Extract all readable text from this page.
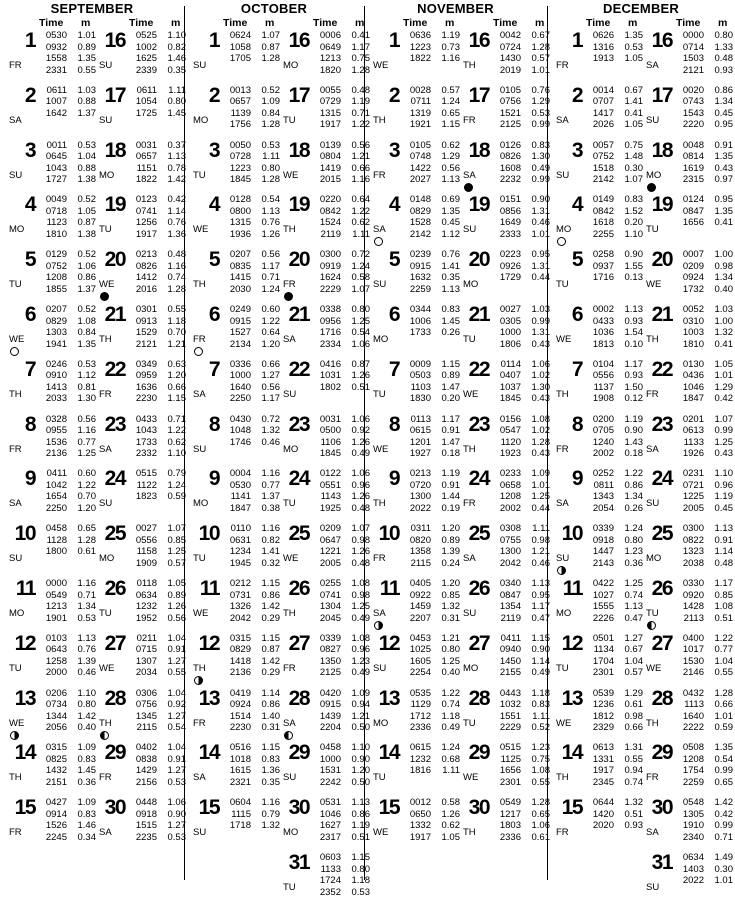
SEPTEMBER	OCTOBER	NOVEMBER	DECEMBER
Time m	Time m	Time m	Time m	Time m	Time m	Time m	Time m
1
FR
0530 1.01
0932 0.89
1558 1.35
2331 0.55
2
SA
0611 1.03
1007 0.88
1642 1.37
3
SU
0011 0.53
0645 1.04
1043 0.88
1727 1.38
4
MO
0049 0.52
0718 1.05
1123 0.87
1810 1.38
5
TU
0129 0.52
0752 1.06
1208 0.86
1855 1.37
6
WE
0207 0.52
0829 1.08
1303 0.84
1941 1.35
7
TH
0246 0.53
0910 1.12
1413 0.81
2033 1.30
8
FR
0328 0.56
0955 1.16
1536 0.77
2136 1.25
9
SA
0411 0.60
1042 1.22
1654 0.70
2250 1.20
10
SU
0458 0.65
1128 1.28
1800 0.61
11
MO
0000 1.16
0549 0.71
1213 1.34
1901 0.53
12
TU
0103 1.13
0643 0.76
1258 1.39
2000 0.46
13
WE
0206 1.10
0734 0.80
1344 1.42
2056 0.40
14
TH
0315 1.09
0825 0.83
1432 1.45
2151 0.36
15
FR
0427 1.09
0914 0.83
1526 1.46
2245 0.34
16
SU
0525 1.10
1002 0.82
1625 1.46
2339 0.35
17
SU
0611 1.11
1054 0.80
1725 1.45
18
MO
0031 0.37
0657 1.13
1151 0.78
1822 1.42
19
TU
0123 0.42
0741 1.14
1256 0.76
1917 1.36
20
WE
0213 0.48
0826 1.16
1412 0.74
2016 1.28
21
TH
0301 0.55
0913 1.18
1529 0.70
2121 1.21
22
FR
0349 0.63
0959 1.20
1636 0.66
2230 1.15
23
SA
0433 0.71
1043 1.22
1733 0.62
2332 1.10
24
SU
0515 0.79
1122 1.24
1823 0.59
25
MO
0027 1.07
0556 0.85
1158 1.25
1909 0.57
26
TU
0118 1.05
0634 0.89
1232 1.26
1952 0.56
27
WE
0211 1.04
0715 0.91
1307 1.27
2034 0.55
28
TH
0306 1.04
0756 0.92
1345 1.27
2115 0.54
29
FR
0402 1.04
0838 0.91
1429 1.27
2156 0.53
30
SA
0448 1.06
0918 0.90
1515 1.27
2235 0.53
1
SU
0624 1.07
1058 0.87
1705 1.28
2
MO
0013 0.52
0657 1.09
1139 0.84
1756 1.28
3
TU
0050 0.53
0728 1.11
1223 0.80
1845 1.28
4
WE
0128 0.54
0800 1.13
1315 0.76
1936 1.26
5
TH
0207 0.56
0835 1.17
1415 0.71
2030 1.24
6
FR
0249 0.60
0915 1.22
1527 0.64
2134 1.20
7
SA
0336 0.66
1000 1.27
1640 0.56
2250 1.17
8
SU
0430 0.72
1048 1.32
1746 0.46
9
MO
0004 1.16
0530 0.77
1141 1.37
1847 0.38
10
TU
0110 1.16
0631 0.82
1234 1.41
1945 0.32
11
WE
0212 1.15
0731 0.86
1326 1.42
2042 0.29
12
TH
0315 1.15
0829 0.87
1418 1.42
2136 0.29
13
FR
0419 1.14
0924 0.86
1514 1.40
2230 0.31
14
SA
0516 1.15
1018 0.83
1615 1.36
2321 0.35
15
SU
0604 1.16
1115 0.79
1718 1.32
16
MO
0006 0.41
0649 1.17
1213 0.75
1820 1.28
17
TU
0055 0.48
0729 1.19
1315 0.71
1917 1.22
18
WE
0139 0.56
0804 1.21
1419 0.66
2015 1.16
19
TH
0220 0.64
0842 1.22
1524 0.62
2119 1.11
20
FR
0300 0.72
0919 1.24
1624 0.58
2229 1.07
21
SA
0338 0.80
0956 1.25
1716 0.54
2334 1.06
22
SU
0416 0.87
1031 1.26
1802 0.51
23
MO
0031 1.06
0500 0.92
1106 1.26
1845 0.49
24
TU
0122 1.06
0551 0.96
1143 1.26
1925 0.48
25
WE
0209 1.07
0647 0.98
1221 1.26
2005 0.48
26
TH
0255 1.08
0741 0.98
1304 1.25
2045 0.49
27
FR
0339 1.08
0827 0.96
1350 1.23
2125 0.49
28
SA
0420 1.09
0915 0.94
1439 1.21
2204 0.50
29
SU
0458 1.10
1000 0.90
1531 1.20
2242 0.50
30
MO
0531 1.13
1046 0.86
1627 1.19
2317 0.51
31
TU
0603 1.15
1133 0.80
1724 1.18
2352 0.53
1
WE
0636 1.19
1223 0.73
1822 1.16
2
TH
0028 0.57
0711 1.24
1319 0.65
1921 1.15
3
FR
0105 0.62
0748 1.29
1422 0.56
2027 1.13
4
SA
0148 0.69
0829 1.35
1528 0.45
2142 1.12
5
SU
0239 0.76
0915 1.41
1632 0.35
2259 1.13
6
MO
0344 0.83
1006 1.45
1733 0.26
7
TU
0009 1.15
0503 0.89
1103 1.47
1830 0.20
8
WE
0113 1.17
0615 0.91
1201 1.47
1927 0.18
9
TH
0213 1.19
0720 0.91
1300 1.44
2022 0.19
10
FR
0311 1.20
0820 0.89
1358 1.39
2115 0.24
11
SA
0405 1.20
0922 0.85
1459 1.32
2207 0.31
12
SU
0453 1.21
1025 0.80
1605 1.25
2254 0.40
13
MO
0535 1.22
1129 0.74
1712 1.18
2336 0.49
14
TU
0615 1.24
1232 0.68
1816 1.11
15
WE
0012 0.58
0650 1.26
1332 0.62
1917 1.05
16
TH
0042 0.67
0724 1.28
1430 0.57
2019 1.01
17
FR
0105 0.76
0756 1.29
1521 0.53
2125 0.99
18
SA
0126 0.83
0826 1.30
1608 0.49
2232 0.99
19
SU
0151 0.90
0856 1.31
1649 0.46
2333 1.01
20
MO
0223 0.95
0926 1.31
1729 0.44
21
TU
0027 1.03
0305 0.99
1000 1.31
1806 0.43
22
WE
0114 1.06
0407 1.02
1037 1.30
1845 0.43
23
TH
0156 1.08
0547 1.02
1120 1.28
1923 0.43
24
FR
0233 1.09
0658 1.01
1208 1.25
2002 0.44
25
SA
0308 1.11
0755 0.98
1300 1.21
2042 0.46
26
SU
0340 1.13
0847 0.95
1354 1.17
2119 0.47
27
MO
0411 1.15
0940 0.90
1450 1.14
2155 0.49
28
TU
0443 1.18
1032 0.83
1551 1.11
2229 0.52
29
WE
0515 1.23
1125 0.75
1656 1.08
2301 0.55
30
TH
0549 1.28
1217 0.65
1803 1.06
2336 0.61
1
FR
0626 1.35
1316 0.53
1913 1.05
2
SA
0014 0.67
0707 1.41
1417 0.41
2026 1.05
3
SU
0057 0.75
0752 1.48
1518 0.30
2142 1.07
4
MO
0149 0.83
0842 1.52
1618 0.20
2255 1.10
5
TU
0258 0.90
0937 1.55
1716 0.13
6
WE
0002 1.13
0433 0.93
1036 1.54
1813 0.10
7
TH
0104 1.17
0556 0.93
1137 1.50
1908 0.12
8
FR
0200 1.19
0705 0.90
1240 1.43
2002 0.18
9
SA
0252 1.22
0811 0.86
1343 1.34
2054 0.26
10
SU
0339 1.24
0918 0.80
1447 1.23
2143 0.36
11
MO
0422 1.25
1027 0.74
1555 1.13
2226 0.47
12
TU
0501 1.27
1134 0.67
1704 1.04
2301 0.57
13
WE
0539 1.29
1236 0.61
1812 0.98
2329 0.66
14
TH
0613 1.31
1331 0.55
1917 0.94
2345 0.74
15
FR
0644 1.32
1420 0.51
2020 0.93
16
SA
0000 0.80
0714 1.33
1503 0.48
2121 0.93
17
SU
0020 0.86
0743 1.34
1543 0.45
2220 0.95
18
MO
0048 0.91
0814 1.35
1619 0.43
2315 0.97
19
TU
0124 0.95
0847 1.35
1656 0.41
20
WE
0007 1.00
0209 0.98
0924 1.34
1732 0.40
21
TH
0052 1.03
0310 1.00
1003 1.32
1810 0.41
22
FR
0130 1.05
0436 1.01
1046 1.29
1847 0.42
23
SA
0201 1.07
0613 0.99
1133 1.25
1926 0.43
24
SU
0231 1.10
0721 0.96
1225 1.19
2005 0.45
25
MO
0300 1.13
0822 0.91
1323 1.14
2038 0.48
26
TU
0330 1.17
0920 0.85
1428 1.08
2113 0.51
27
WE
0400 1.22
1017 0.77
1530 1.04
2146 0.55
28
TH
0432 1.28
1113 0.66
1640 1.01
2222 0.59
29
FR
0508 1.35
1208 0.54
1754 0.99
2259 0.65
30
SA
0548 1.42
1305 0.42
1910 0.99
2340 0.71
31
SU
0634 1.49
1403 0.30
2022 1.01
